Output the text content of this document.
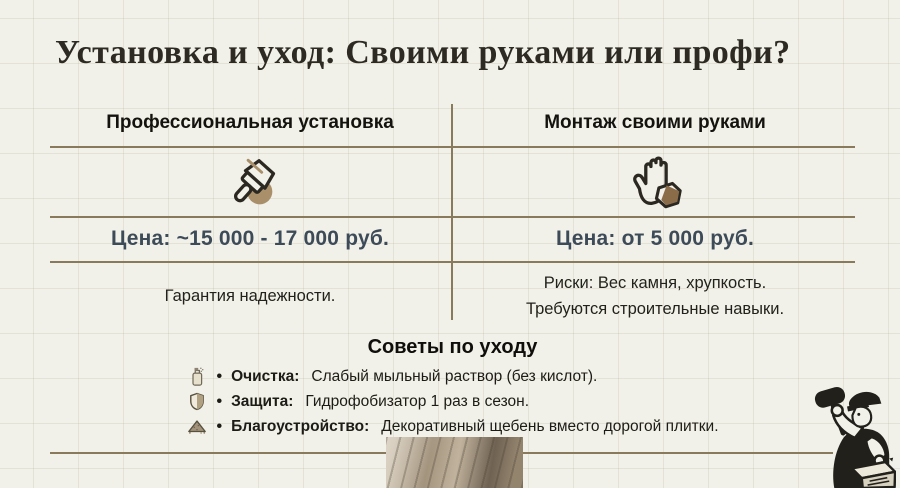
Установка и уход: Своими руками или профи?
Профессиональная установка	Монтаж своими руками
Цена: ~15 000 - 17 000 руб.	Цена: от 5 000 руб.
Гарантия надежности.
Риски: Вес камня, хрупкость.
Требуются строительные навыки.
Советы по уходу
• Очистка: Слабый мыльный раствор (без кислот).
• Защита: Гидрофобизатор 1 раз в сезон.
• Благоустройство: Декоративный щебень вместо дорогой плитки.
